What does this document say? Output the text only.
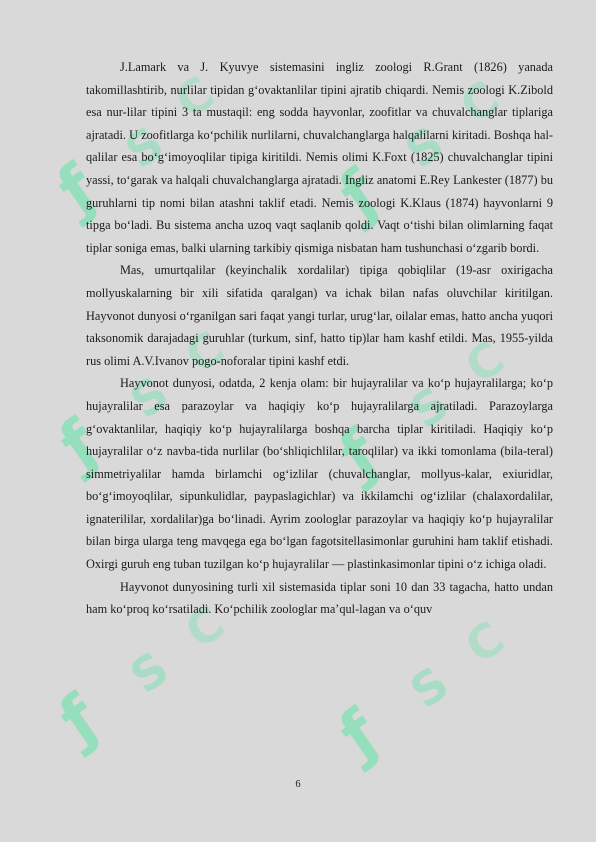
ƒ
S
C
ƒ
S
C
ƒ
S
C
ƒ
S
C
ƒ
S
C
ƒ
S
C

J.Lamark va J. Kyuvye sistemasini ingliz zoologi R.Grant (1826) yanada takomillashtirib, nurlilar tipidan g‘ovaktanlilar tipini ajratib chiqardi. Nemis zoologi K.Zibold esa nur-lilar tipini 3 ta mustaqil: eng sodda hayvonlar, zoofitlar va chuvalchanglar tiplariga ajratadi. U zoofitlarga ko‘pchilik nurlilarni, chuvalchanglarga halqalilarni kiritadi. Boshqa hal-qalilar esa bo‘g‘imoyoqlilar tipiga kiritildi. Nemis olimi K.Foxt (1825) chuvalchanglar tipini yassi, to‘garak va halqali chuvalchanglarga ajratadi. Ingliz anatomi E.Rey Lankester (1877) bu guruhlarni tip nomi bilan atashni taklif etadi. Nemis zoologi K.Klaus (1874) hayvonlarni 9 tipga bo‘ladi. Bu sistema ancha uzoq vaqt saqlanib qoldi. Vaqt o‘tishi bilan olimlarning faqat tiplar soniga emas, balki ularning tarkibiy qismiga nisbatan ham tushunchasi o‘zgarib bordi.

Mas, umurtqalilar (keyinchalik xordalilar) tipiga qobiqlilar (19-asr oxirigacha mollyuskalarning bir xili sifatida qaralgan) va ichak bilan nafas oluvchilar kiritilgan. Hayvonot dunyosi o‘rganilgan sari faqat yangi turlar, urug‘lar, oilalar emas, hatto ancha yuqori taksonomik darajadagi guruhlar (turkum, sinf, hatto tip)lar ham kashf etildi. Mas, 1955-yilda rus olimi A.V.Ivanov pogo-noforalar tipini kashf etdi.

Hayvonot dunyosi, odatda, 2 kenja olam: bir hujayralilar va ko‘p hujayralilarga; ko‘p hujayralilar esa parazoylar va haqiqiy ko‘p hujayralilarga ajratiladi. Parazoylarga g‘ovaktanlilar, haqiqiy ko‘p hujayralilarga boshqa barcha tiplar kiritiladi. Haqiqiy ko‘p hujayralilar o‘z navba-tida nurlilar (bo‘shliqichlilar, taroqlilar) va ikki tomonlama (bila-teral) simmetriyalilar hamda birlamchi og‘izlilar (chuvalchanglar, mollyus-kalar, exiuridlar, bo‘g‘imoyoqlilar, sipunkulidlar, paypaslagichlar) va ikkilamchi og‘izlilar (chalaxordalilar, ignaterililar, xordalilar)ga bo‘linadi. Ayrim zoologlar parazoylar va haqiqiy ko‘p hujayralilar bilan birga ularga teng mavqega ega bo‘lgan fagotsitellasimonlar guruhini ham taklif etishadi. Oxirgi guruh eng tuban tuzilgan ko‘p hujayralilar — plastinkasimonlar tipini o‘z ichiga oladi.

Hayvonot dunyosining turli xil sistemasida tiplar soni 10 dan 33 tagacha, hatto undan ham ko‘proq ko‘rsatiladi. Ko‘pchilik zoologlar ma’qul-lagan va o‘quv

6
